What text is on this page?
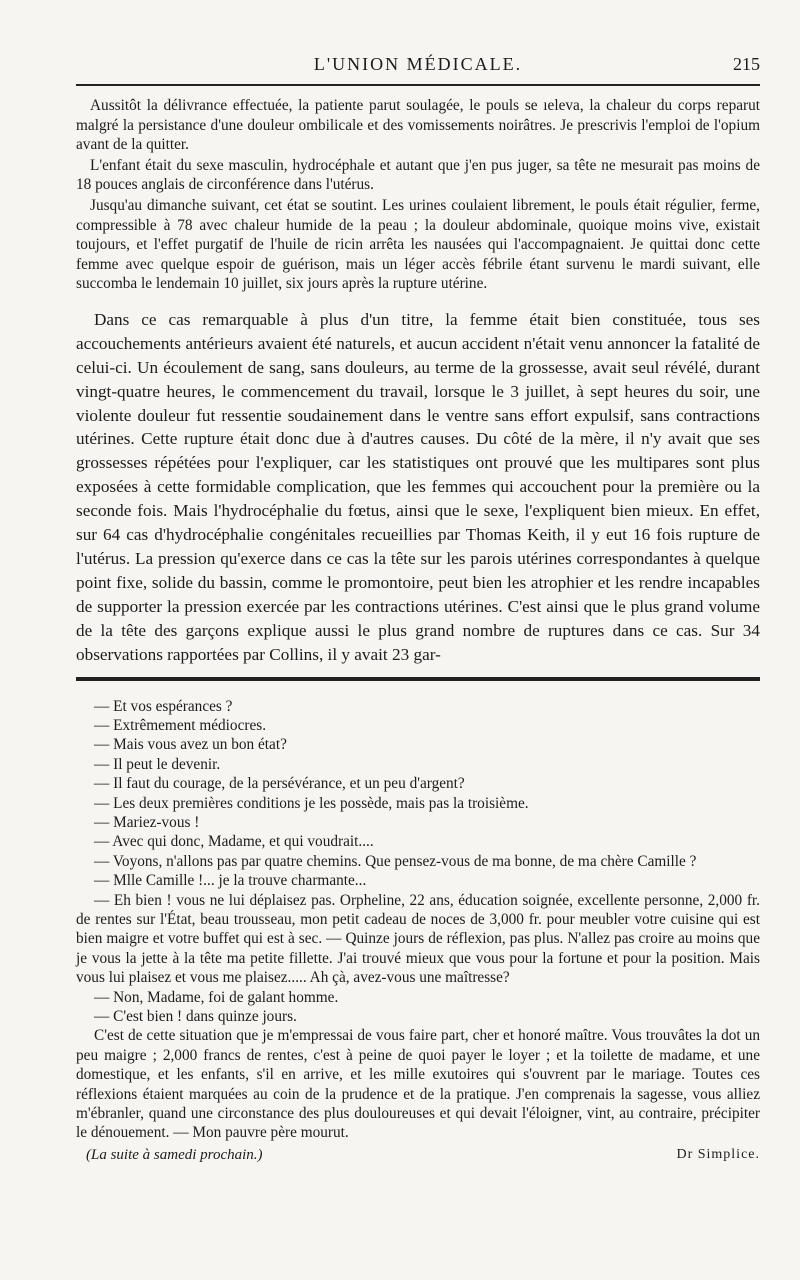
L'UNION MÉDICALE.	215

Aussitôt la délivrance effectuée, la patiente parut soulagée, le pouls se ıeleva, la chaleur du corps reparut malgré la persistance d'une douleur ombilicale et des vomissements noirâtres. Je prescrivis l'emploi de l'opium avant de la quitter.

L'enfant était du sexe masculin, hydrocéphale et autant que j'en pus juger, sa tête ne mesurait pas moins de 18 pouces anglais de circonférence dans l'utérus.

Jusqu'au dimanche suivant, cet état se soutint. Les urines coulaient librement, le pouls était régulier, ferme, compressible à 78 avec chaleur humide de la peau ; la douleur abdominale, quoique moins vive, existait toujours, et l'effet purgatif de l'huile de ricin arrêta les nausées qui l'accompagnaient. Je quittai donc cette femme avec quelque espoir de guérison, mais un léger accès fébrile étant survenu le mardi suivant, elle succomba le lendemain 10 juillet, six jours après la rupture utérine.

Dans ce cas remarquable à plus d'un titre, la femme était bien constituée, tous ses accouchements antérieurs avaient été naturels, et aucun accident n'était venu annoncer la fatalité de celui-ci. Un écoulement de sang, sans douleurs, au terme de la grossesse, avait seul révélé, durant vingt-quatre heures, le commencement du travail, lorsque le 3 juillet, à sept heures du soir, une violente douleur fut ressentie soudainement dans le ventre sans effort expulsif, sans contractions utérines. Cette rupture était donc due à d'autres causes. Du côté de la mère, il n'y avait que ses grossesses répétées pour l'expliquer, car les statistiques ont prouvé que les multipares sont plus exposées à cette formidable complication, que les femmes qui accouchent pour la première ou la seconde fois. Mais l'hydrocéphalie du fœtus, ainsi que le sexe, l'expliquent bien mieux. En effet, sur 64 cas d'hydrocéphalie congénitales recueillies par Thomas Keith, il y eut 16 fois rupture de l'utérus. La pression qu'exerce dans ce cas la tête sur les parois utérines correspondantes à quelque point fixe, solide du bassin, comme le promontoire, peut bien les atrophier et les rendre incapables de supporter la pression exercée par les contractions utérines. C'est ainsi que le plus grand volume de la tête des garçons explique aussi le plus grand nombre de ruptures dans ce cas. Sur 34 observations rapportées par Collins, il y avait 23 gar-

— Et vos espérances ?

— Extrêmement médiocres.

— Mais vous avez un bon état?

— Il peut le devenir.

— Il faut du courage, de la persévérance, et un peu d'argent?

— Les deux premières conditions je les possède, mais pas la troisième.

— Mariez-vous !

— Avec qui donc, Madame, et qui voudrait....

— Voyons, n'allons pas par quatre chemins. Que pensez-vous de ma bonne, de ma chère Camille ?

— Mlle Camille !... je la trouve charmante...

— Eh bien ! vous ne lui déplaisez pas. Orpheline, 22 ans, éducation soignée, excellente personne, 2,000 fr. de rentes sur l'État, beau trousseau, mon petit cadeau de noces de 3,000 fr. pour meubler votre cuisine qui est bien maigre et votre buffet qui est à sec. — Quinze jours de réflexion, pas plus. N'allez pas croire au moins que je vous la jette à la tête ma petite fillette. J'ai trouvé mieux que vous pour la fortune et pour la position. Mais vous lui plaisez et vous me plaisez..... Ah çà, avez-vous une maîtresse?

— Non, Madame, foi de galant homme.

— C'est bien ! dans quinze jours.

C'est de cette situation que je m'empressai de vous faire part, cher et honoré maître. Vous trouvâtes la dot un peu maigre ; 2,000 francs de rentes, c'est à peine de quoi payer le loyer ; et la toilette de madame, et une domestique, et les enfants, s'il en arrive, et les mille exutoires qui s'ouvrent par le mariage. Toutes ces réflexions étaient marquées au coin de la prudence et de la pratique. J'en comprenais la sagesse, vous alliez m'ébranler, quand une circonstance des plus douloureuses et qui devait l'éloigner, vint, au contraire, précipiter le dénouement. — Mon pauvre père mourut.

(La suite à samedi prochain.)	Dr Simplice.
